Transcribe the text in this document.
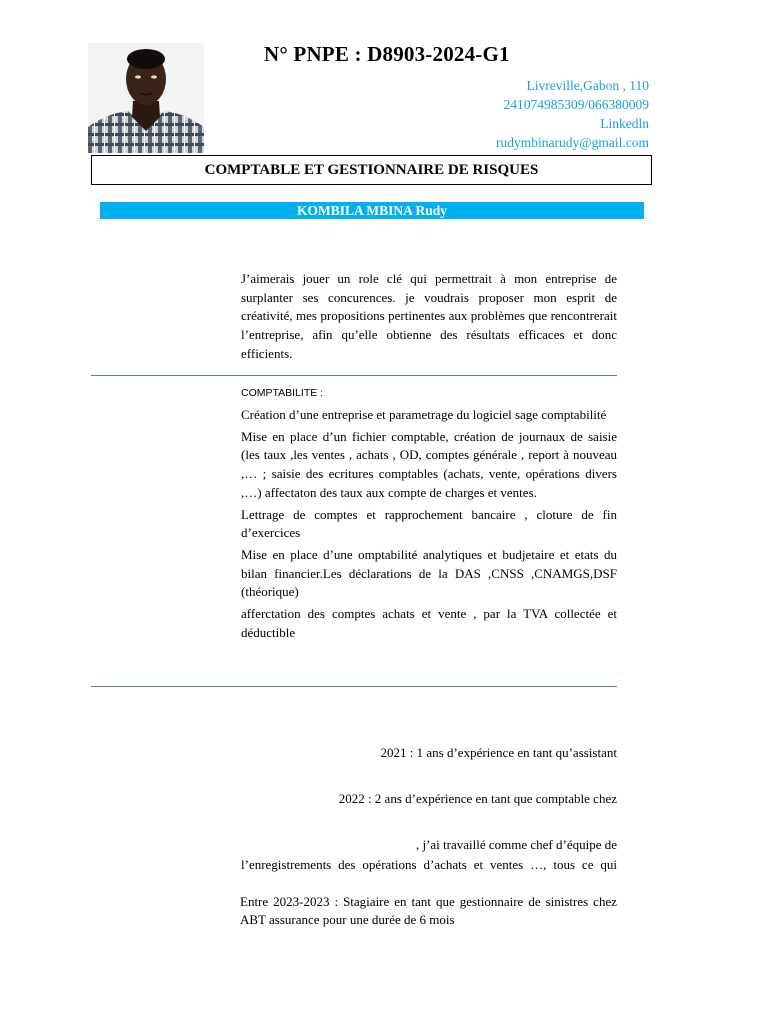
N° PNPE : D8903-2024-G1
Livreville,Gabon , 110
241074985309/066380009
Linkedln
rudymbinarudy@gmail.com
COMPTABLE ET GESTIONNAIRE DE RISQUES
KOMBILA MBINA Rudy

J’aimerais jouer un role clé qui permettrait à mon entreprise de surplanter ses concurences. je voudrais proposer mon esprit de créativité, mes propositions pertinentes aux problèmes que rencontrerait l’entreprise, afin qu’elle obtienne des résultats efficaces et donc efficients.

COMPTABILITE :

Création d’une entreprise et parametrage du logiciel sage comptabilité

Mise en place d’un fichier comptable, création de journaux de saisie (les taux ,les ventes , achats , OD, comptes générale , report à nouveau ,… ; saisie des ecritures comptables (achats, vente, opérations divers ,…) affectaton des taux aux compte de charges et ventes.

Lettrage de comptes et rapprochement bancaire , cloture de fin d’exercices

Mise en place d’une omptabilité analytiques et budjetaire et etats du bilan financier.Les déclarations de la DAS ,CNSS ,CNAMGS,DSF (théorique)

afferctation des comptes achats et vente , par la TVA collectée et déductible

2021 : 1 ans d’expérience en tant qu’assistant
2022 : 2 ans d’expérience en tant que comptable chez
, j’ai travaillé comme chef d’équipe de
l’enregistrements des opérations d’achats et ventes …, tous ce qui
Entre 2023-2023 : Stagiaire en tant que gestionnaire de sinistres chez ABT assurance pour une durée de 6 mois
